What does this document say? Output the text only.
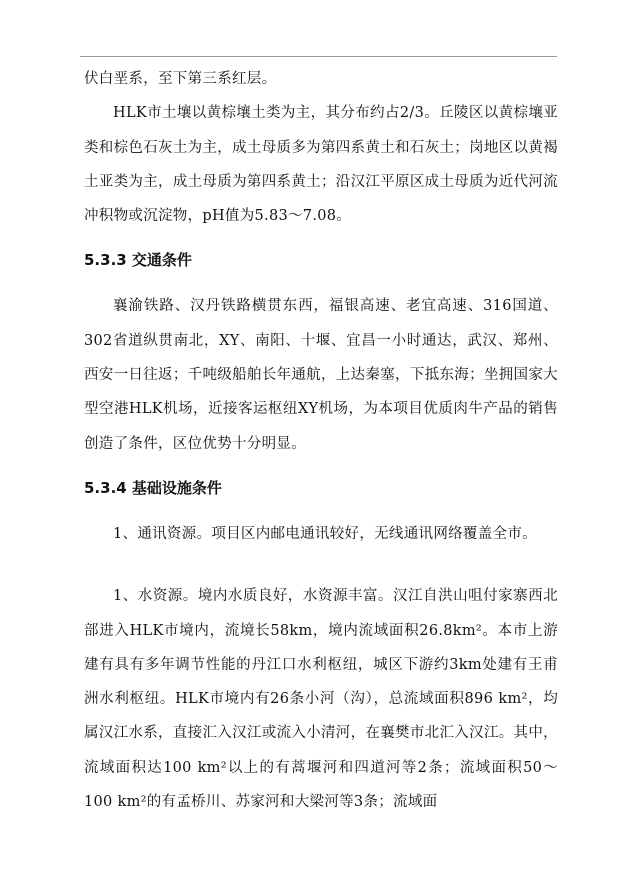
伏白垩系，至下第三系红层。

HLK市土壤以黄棕壤土类为主，其分布约占2/3。丘陵区以黄棕壤亚类和棕色石灰土为主，成土母质多为第四系黄土和石灰土；岗地区以黄褐土亚类为主，成土母质为第四系黄土；沿汉江平原区成土母质为近代河流冲积物或沉淀物，pH值为5.83～7.08。

5.3.3 交通条件

襄渝铁路、汉丹铁路横贯东西，福银高速、老宜高速、316国道、302省道纵贯南北，XY、南阳、十堰、宜昌一小时通达，武汉、郑州、西安一日往返；千吨级船舶长年通航，上达秦塞，下抵东海；坐拥国家大型空港HLK机场，近接客运枢纽XY机场，为本项目优质肉牛产品的销售创造了条件，区位优势十分明显。

5.3.4 基础设施条件

1、通讯资源。项目区内邮电通讯较好，无线通讯网络覆盖全市。

1、水资源。境内水质良好，水资源丰富。汉江自洪山咀付家寨西北部进入HLK市境内，流境长58km，境内流域面积26.8km²。本市上游建有具有多年调节性能的丹江口水利枢纽，城区下游约3km处建有王甫洲水利枢纽。HLK市境内有26条小河（沟），总流域面积896 km²，均属汉江水系，直接汇入汉江或流入小清河，在襄樊市北汇入汉江。其中，流域面积达100 km²以上的有蒿堰河和四道河等2条；流域面积50～100 km²的有孟桥川、苏家河和大梁河等3条；流域面
